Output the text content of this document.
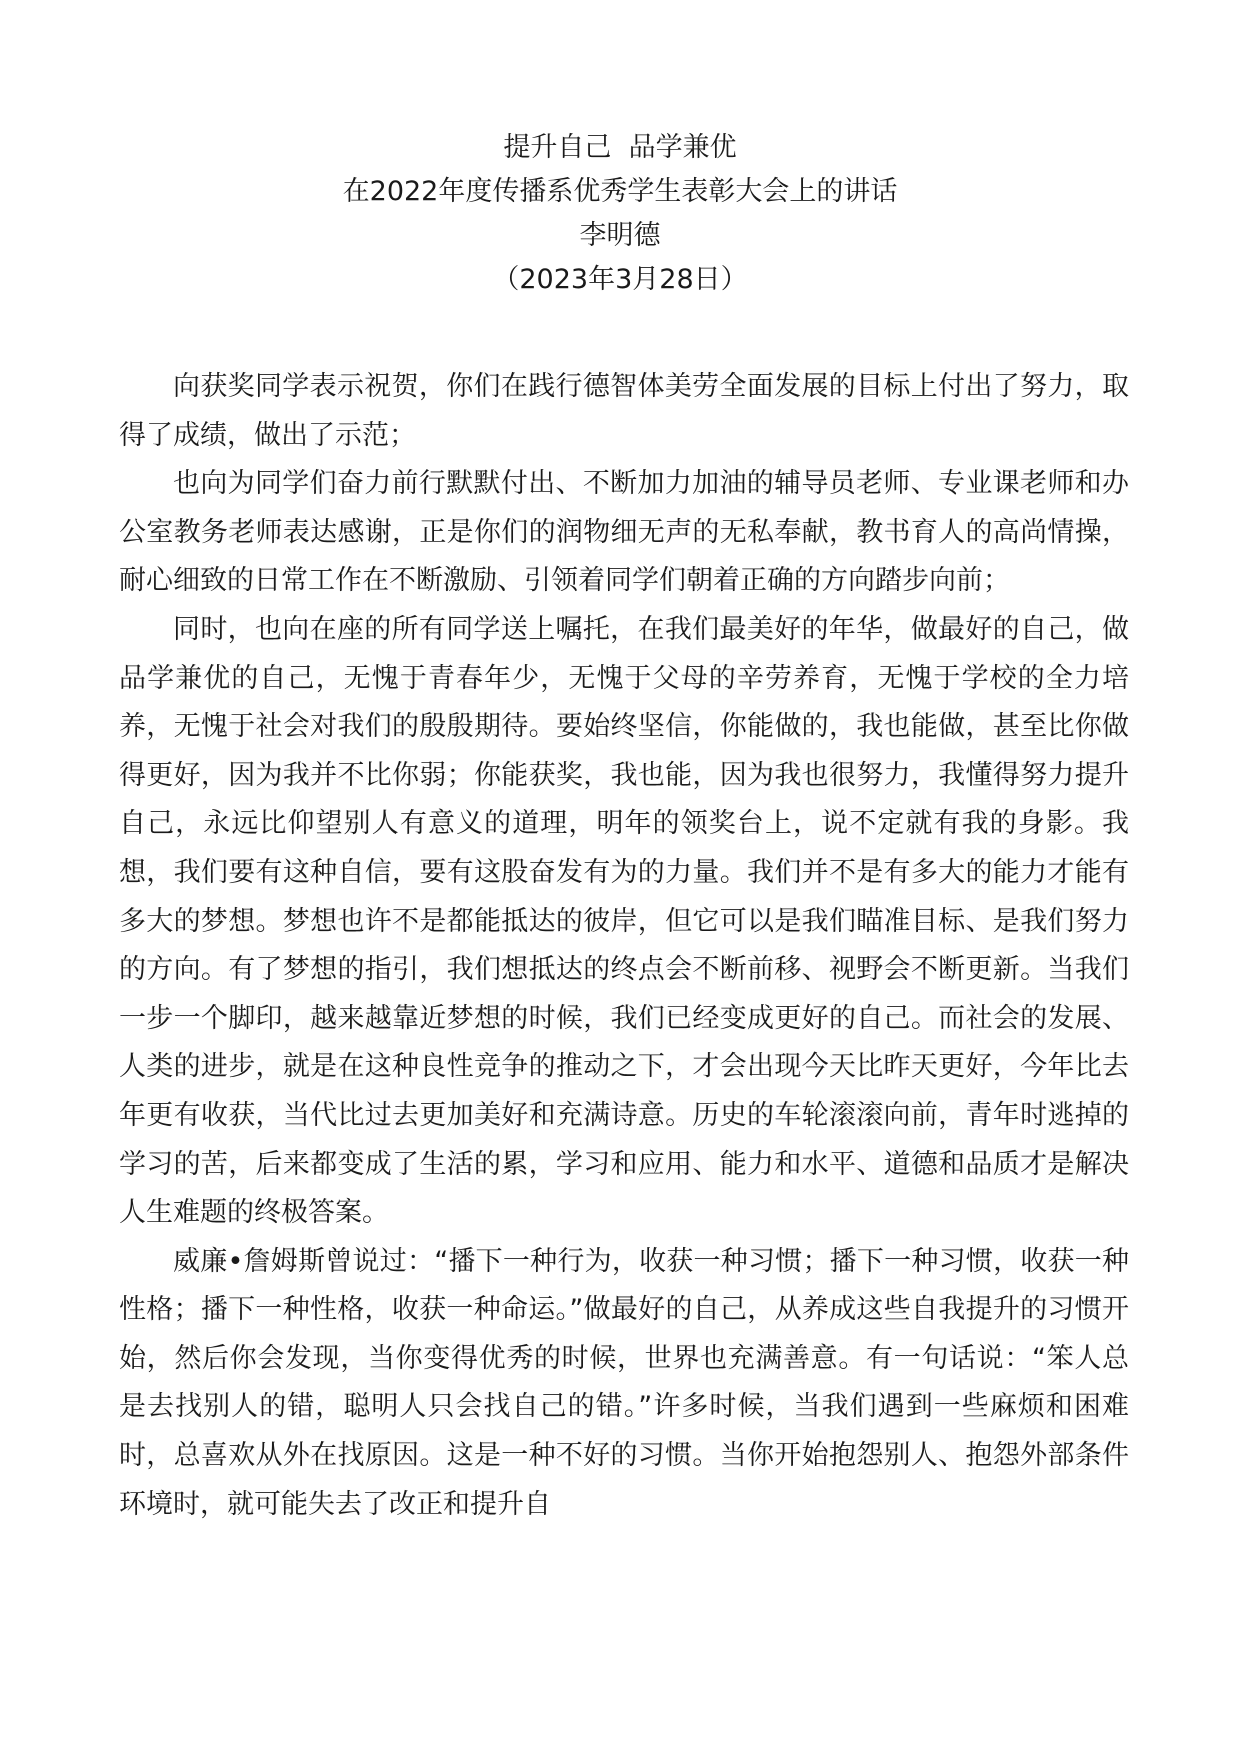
提升自己  品学兼优
在2022年度传播系优秀学生表彰大会上的讲话
李明德
（2023年3月28日）

向获奖同学表示祝贺，你们在践行德智体美劳全面发展的目标上付出了努力，取得了成绩，做出了示范；

也向为同学们奋力前行默默付出、不断加力加油的辅导员老师、专业课老师和办公室教务老师表达感谢，正是你们的润物细无声的无私奉献，教书育人的高尚情操，耐心细致的日常工作在不断激励、引领着同学们朝着正确的方向踏步向前；

同时，也向在座的所有同学送上嘱托，在我们最美好的年华，做最好的自己，做品学兼优的自己，无愧于青春年少，无愧于父母的辛劳养育，无愧于学校的全力培养，无愧于社会对我们的殷殷期待。要始终坚信，你能做的，我也能做，甚至比你做得更好，因为我并不比你弱；你能获奖，我也能，因为我也很努力，我懂得努力提升自己，永远比仰望别人有意义的道理，明年的领奖台上，说不定就有我的身影。我想，我们要有这种自信，要有这股奋发有为的力量。我们并不是有多大的能力才能有多大的梦想。梦想也许不是都能抵达的彼岸，但它可以是我们瞄准目标、是我们努力的方向。有了梦想的指引，我们想抵达的终点会不断前移、视野会不断更新。当我们一步一个脚印，越来越靠近梦想的时候，我们已经变成更好的自己。而社会的发展、人类的进步，就是在这种良性竞争的推动之下，才会出现今天比昨天更好，今年比去年更有收获，当代比过去更加美好和充满诗意。历史的车轮滚滚向前，青年时逃掉的学习的苦，后来都变成了生活的累，学习和应用、能力和水平、道德和品质才是解决人生难题的终极答案。

威廉•詹姆斯曾说过：“播下一种行为，收获一种习惯；播下一种习惯，收获一种性格；播下一种性格，收获一种命运。”做最好的自己，从养成这些自我提升的习惯开始，然后你会发现，当你变得优秀的时候，世界也充满善意。有一句话说：“笨人总是去找别人的错，聪明人只会找自己的错。”许多时候，当我们遇到一些麻烦和困难时，总喜欢从外在找原因。这是一种不好的习惯。当你开始抱怨别人、抱怨外部条件环境时，就可能失去了改正和提升自
